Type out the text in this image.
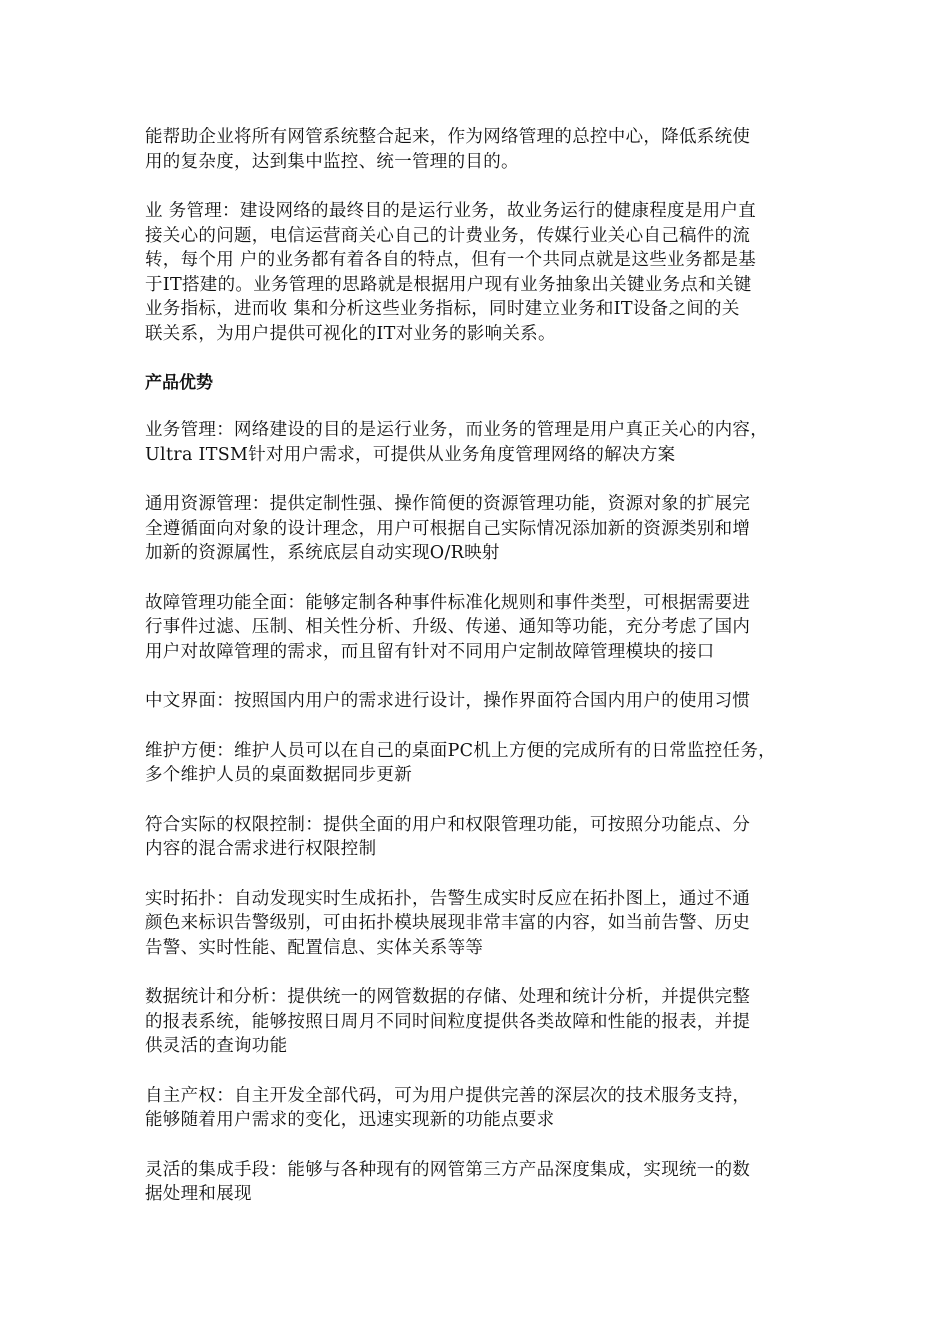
能帮助企业将所有网管系统整合起来，作为网络管理的总控中心，降低系统使
用的复杂度，达到集中监控、统一管理的目的。

业 务管理：建设网络的最终目的是运行业务，故业务运行的健康程度是用户直
接关心的问题，电信运营商关心自己的计费业务，传媒行业关心自己稿件的流
转，每个用 户的业务都有着各自的特点，但有一个共同点就是这些业务都是基
于IT搭建的。业务管理的思路就是根据用户现有业务抽象出关键业务点和关键
业务指标，进而收 集和分析这些业务指标，同时建立业务和IT设备之间的关
联关系，为用户提供可视化的IT对业务的影响关系。

产品优势

业务管理：网络建设的目的是运行业务，而业务的管理是用户真正关心的内容，
Ultra ITSM针对用户需求，可提供从业务角度管理网络的解决方案

通用资源管理：提供定制性强、操作简便的资源管理功能，资源对象的扩展完
全遵循面向对象的设计理念，用户可根据自己实际情况添加新的资源类别和增
加新的资源属性，系统底层自动实现O/R映射

故障管理功能全面：能够定制各种事件标准化规则和事件类型，可根据需要进
行事件过滤、压制、相关性分析、升级、传递、通知等功能，充分考虑了国内
用户对故障管理的需求，而且留有针对不同用户定制故障管理模块的接口

中文界面：按照国内用户的需求进行设计，操作界面符合国内用户的使用习惯

维护方便：维护人员可以在自己的桌面PC机上方便的完成所有的日常监控任务，
多个维护人员的桌面数据同步更新

符合实际的权限控制：提供全面的用户和权限管理功能，可按照分功能点、分
内容的混合需求进行权限控制

实时拓扑：自动发现实时生成拓扑，告警生成实时反应在拓扑图上，通过不通
颜色来标识告警级别，可由拓扑模块展现非常丰富的内容，如当前告警、历史
告警、实时性能、配置信息、实体关系等等

数据统计和分析：提供统一的网管数据的存储、处理和统计分析，并提供完整
的报表系统，能够按照日周月不同时间粒度提供各类故障和性能的报表，并提
供灵活的查询功能

自主产权：自主开发全部代码，可为用户提供完善的深层次的技术服务支持，
能够随着用户需求的变化，迅速实现新的功能点要求

灵活的集成手段：能够与各种现有的网管第三方产品深度集成，实现统一的数
据处理和展现
